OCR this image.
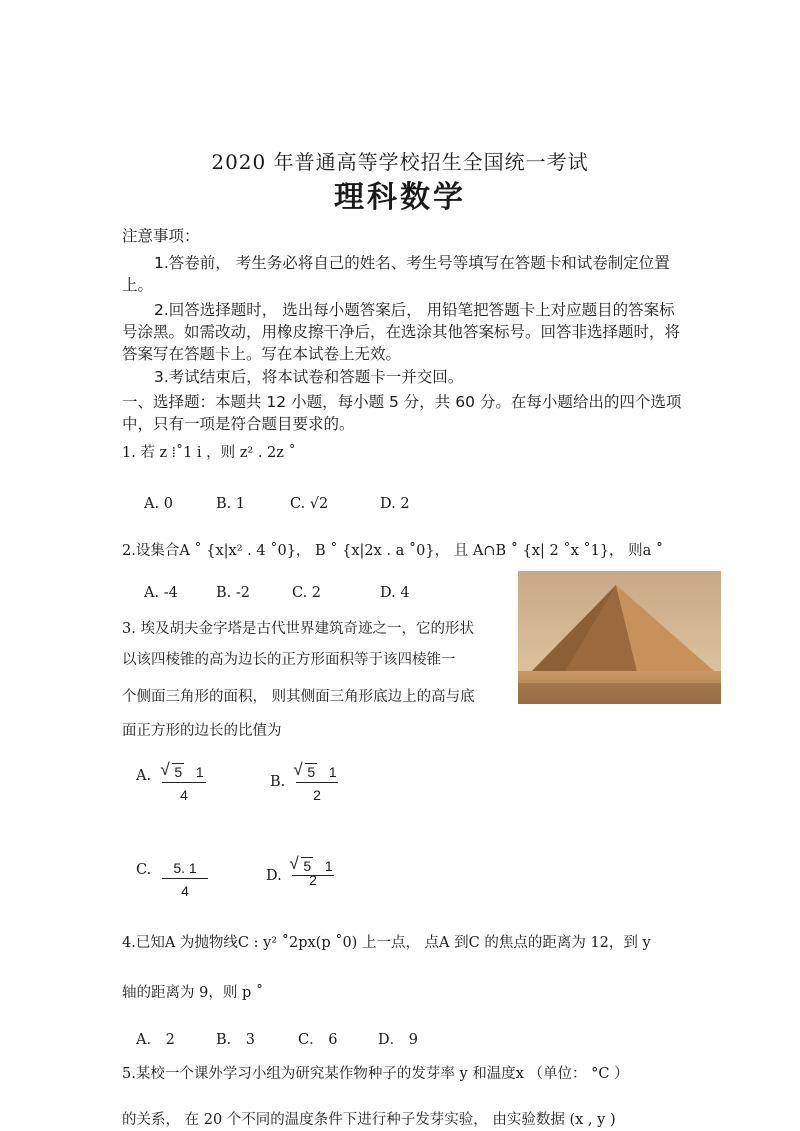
2020 年普通高等学校招生全国统一考试
理科数学
注意事项：
1.答卷前， 考生务必将自己的姓名、考生号等填写在答题卡和试卷制定位置上。
2.回答选择题时， 选出每小题答案后， 用铅笔把答题卡上对应题目的答案标号涂黑。如需改动，用橡皮擦干净后，在选涂其他答案标号。回答非选择题时，将答案写在答题卡上。写在本试卷上无效。
3.考试结束后，将本试卷和答题卡一并交回。
一、选择题：本题共 12 小题，每小题 5 分，共 60 分。在每小题给出的四个选项中，只有一项是符合题目要求的。
1. 若 z ⁞˚1 i ，则 z² . 2z ˚
A. 0	B. 1	C. √2	D. 2
2.设集合A ˚ {x|x² . 4 ˚0}， B ˚ {x|2x . a ˚0}， 且 A∩B ˚ {x| 2 ˚x ˚1}， 则a ˚
A. -4	B. -2	C. 2	D. 4
3. 埃及胡夫金字塔是古代世界建筑奇迹之一，它的形状
以该四棱锥的高为边长的正方形面积等于该四棱锥一
个侧面三角形的面积， 则其侧面三角形底边上的高与底
面正方形的边长的比值为
A.
√	5 1
4
B.
√ 5 1
2
C.	5. 1
4
D.
√ 5 1
2
4.已知A 为抛物线C : y² ˚2px(p ˚0) 上一点， 点A 到C 的焦点的距离为 12，到 y
轴的距离为 9，则 p ˚
A． 2	B． 3	C． 6	D． 9
5.某校一个课外学习小组为研究某作物种子的发芽率 y 和温度x （单位： °C ）
的关系， 在 20 个不同的温度条件下进行种子发芽实验， 由实验数据 (x , y )
